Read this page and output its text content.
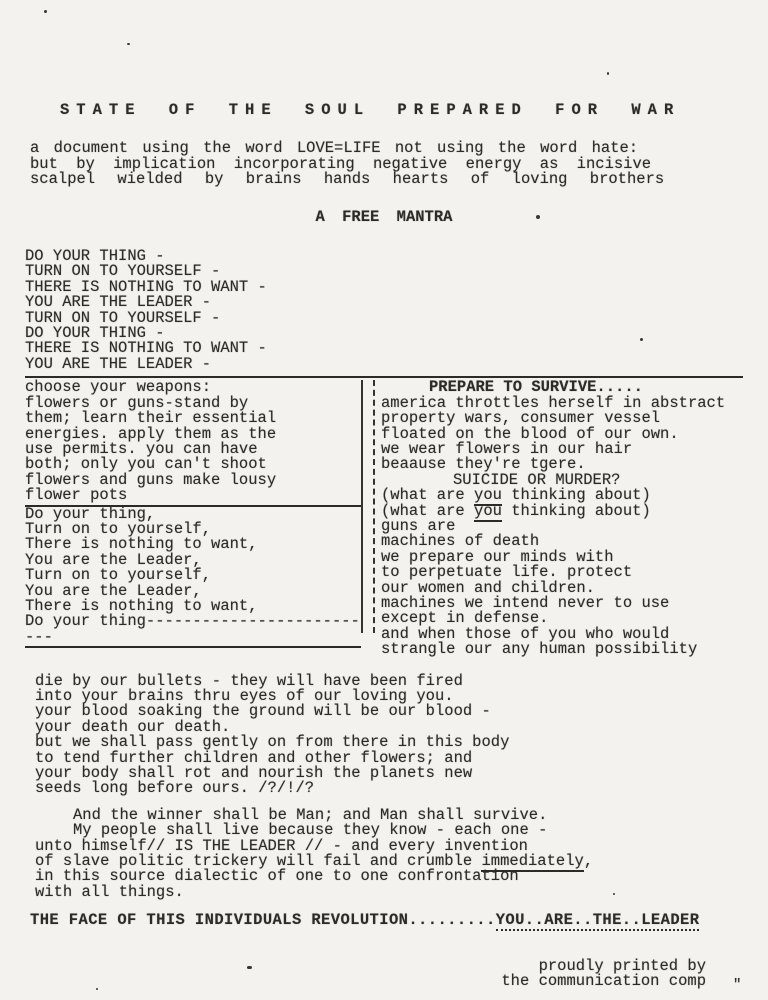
STATE OF THE SOUL PREPARED FOR WAR
a document using the word LOVE=LIFE not using the word hate:
but by implication incorporating negative energy as incisive
scalpel wielded by brains hands hearts of loving brothers
A FREE MANTRA
DO YOUR THING -
TURN ON TO YOURSELF -
THERE IS NOTHING TO WANT -
YOU ARE THE LEADER -
TURN ON TO YOURSELF -
DO YOUR THING -
THERE IS NOTHING TO WANT -
YOU ARE THE LEADER -
choose your weapons:
flowers or guns-stand by
them; learn their essential
energies. apply them as the
use permits. you can have
both; only you can't shoot
flowers and guns make lousy
flower pots
Do your thing,
Turn on to yourself,
There is nothing to want,
You are the Leader,
Turn on to yourself,
You are the Leader,
There is nothing to want,
Do your thing--------------------------
PREPARE TO SURVIVE.....
america throttles herself in abstract
property wars, consumer vessel
floated on the blood of our own.
we wear flowers in our hair
beaause they're tgere.
SUICIDE OR MURDER?
(what are you thinking about)
(what are you thinking about)
guns are
machines of death
we prepare our minds with
to perpetuate life. protect
our women and children.
machines we intend never to use
except in defense.
and when those of you who would
strangle our any human possibility
die by our bullets - they will have been fired
into your brains thru eyes of our loving you.
your blood soaking the ground will be our blood -
your death our death.
but we shall pass gently on from there in this body
to tend further children and other flowers; and
your body shall rot and nourish the planets new
seeds long before ours. /?/!/?
And the winner shall be Man; and Man shall survive.
My people shall live because they know - each one -
unto himself// IS THE LEADER // - and every invention
of slave politic trickery will fail and crumble immediately,
in this source dialectic of one to one confrontation
with all things.
THE FACE OF THIS INDIVIDUALS REVOLUTION.........YOU..ARE..THE..LEADER
proudly printed by
the communication comp "
